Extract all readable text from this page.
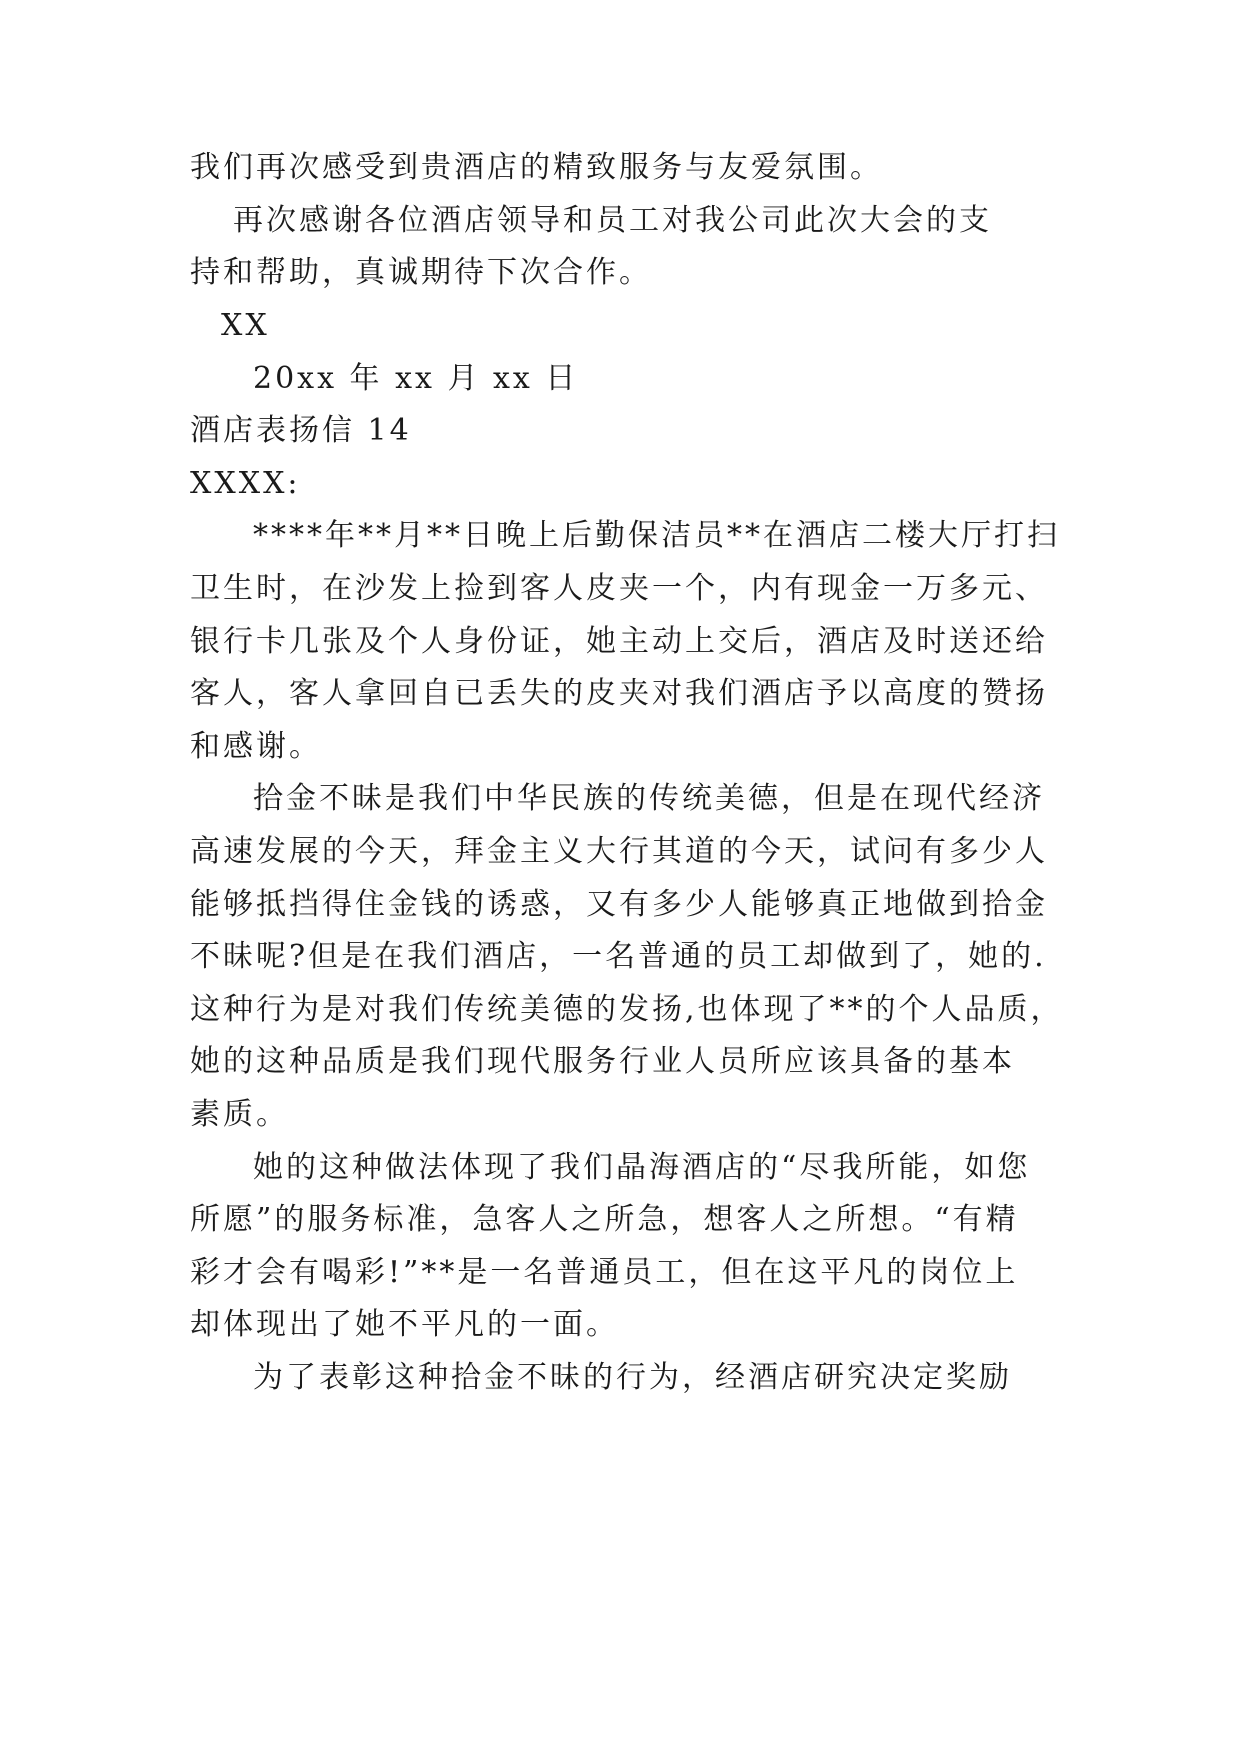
我们再次感受到贵酒店的精致服务与友爱氛围。
再次感谢各位酒店领导和员工对我公司此次大会的支
持和帮助，真诚期待下次合作。
XX
20xx 年 xx 月 xx 日
酒店表扬信 14
XXXX:
****年**月**日晚上后勤保洁员**在酒店二楼大厅打扫
卫生时，在沙发上捡到客人皮夹一个，内有现金一万多元、
银行卡几张及个人身份证，她主动上交后，酒店及时送还给
客人，客人拿回自已丢失的皮夹对我们酒店予以高度的赞扬
和感谢。
拾金不昧是我们中华民族的传统美德，但是在现代经济
高速发展的今天，拜金主义大行其道的今天，试问有多少人
能够抵挡得住金钱的诱惑，又有多少人能够真正地做到拾金
不昧呢?但是在我们酒店，一名普通的员工却做到了，她的.
这种行为是对我们传统美德的发扬,也体现了**的个人品质，
她的这种品质是我们现代服务行业人员所应该具备的基本
素质。
她的这种做法体现了我们晶海酒店的“尽我所能，如您
所愿”的服务标准，急客人之所急，想客人之所想。“有精
彩才会有喝彩!”**是一名普通员工，但在这平凡的岗位上
却体现出了她不平凡的一面。
为了表彰这种拾金不昧的行为，经酒店研究决定奖励
